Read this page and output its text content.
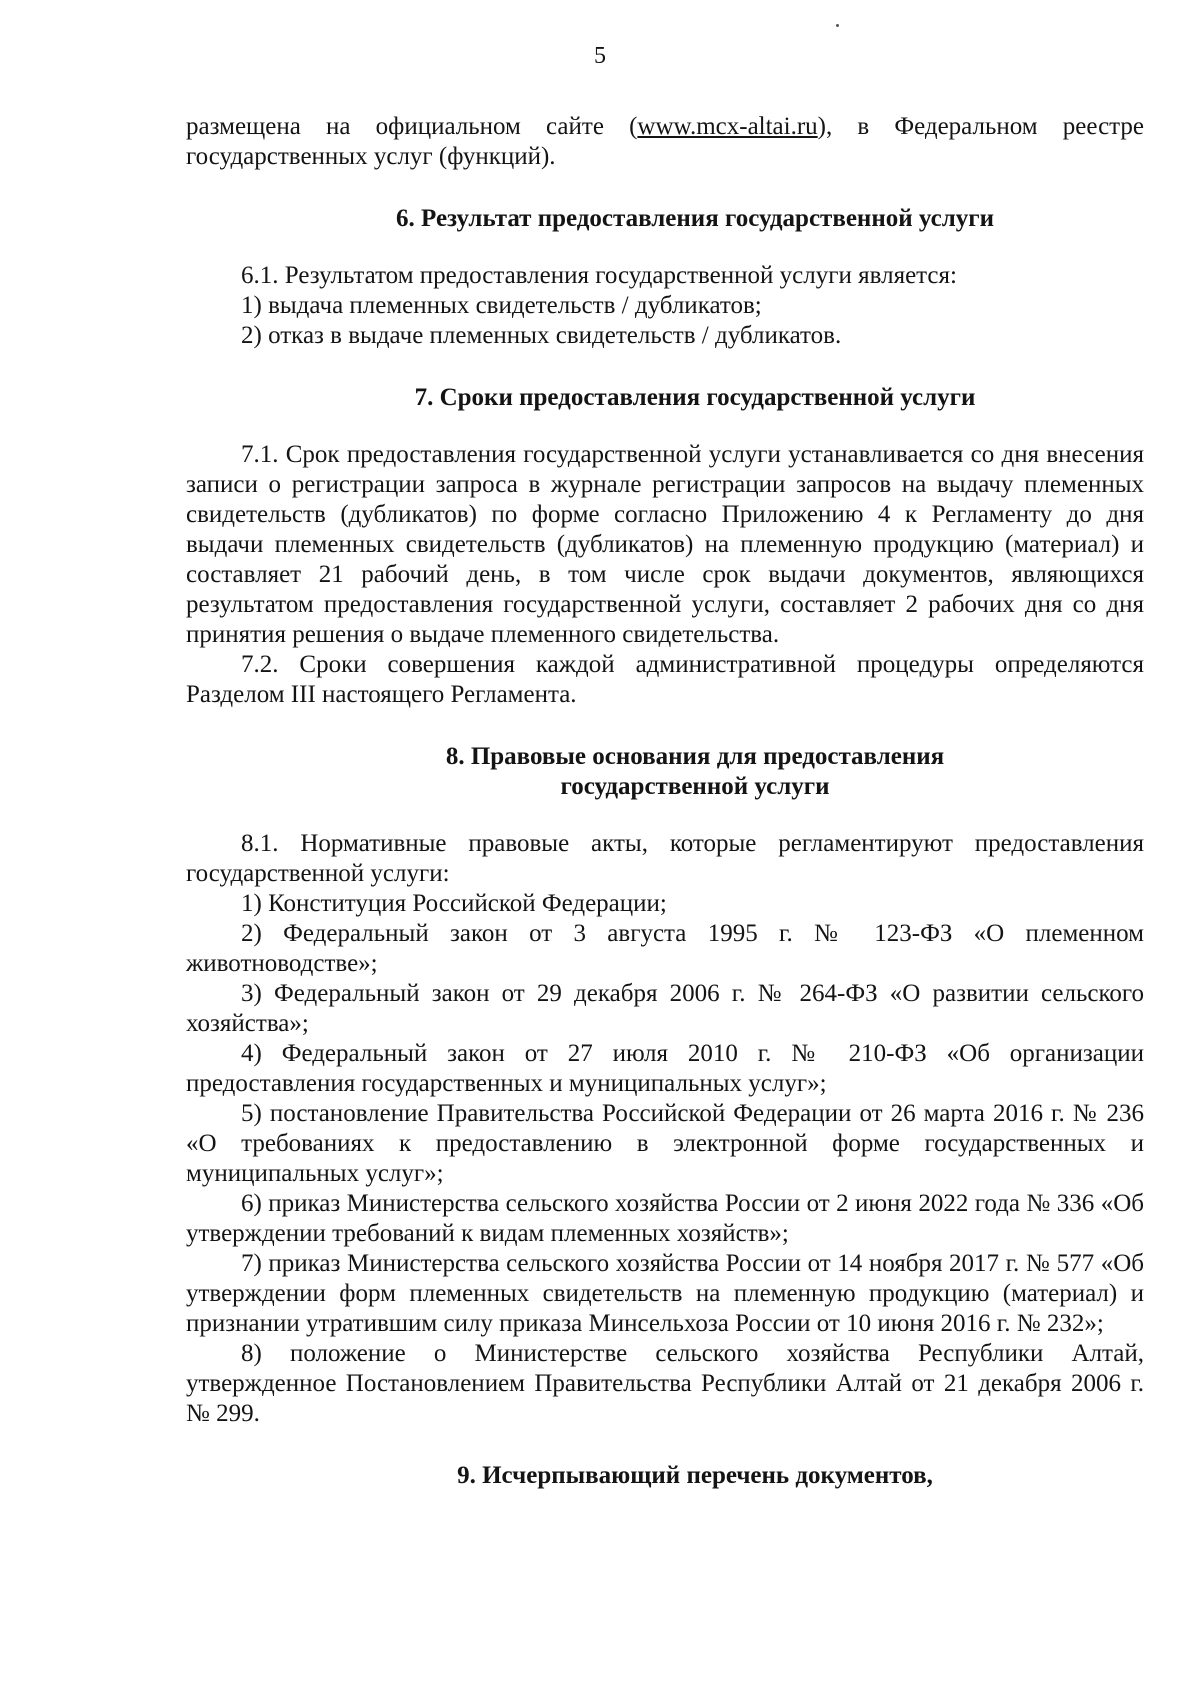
5

размещена на официальном сайте (www.mcx-altai.ru), в Федеральном реестре государственных услуг (функций).

6. Результат предоставления государственной услуги

6.1. Результатом предоставления государственной услуги является:

1) выдача племенных свидетельств / дубликатов;

2) отказ в выдаче племенных свидетельств / дубликатов.

7. Сроки предоставления государственной услуги

7.1. Срок предоставления государственной услуги устанавливается со дня внесения записи о регистрации запроса в журнале регистрации запросов на выдачу племенных свидетельств (дубликатов) по форме согласно Приложению 4 к Регламенту до дня выдачи племенных свидетельств (дубликатов) на племенную продукцию (материал) и составляет 21 рабочий день, в том числе срок выдачи документов, являющихся результатом предоставления государственной услуги, составляет 2 рабочих дня со дня принятия решения о выдаче племенного свидетельства.

7.2. Сроки совершения каждой административной процедуры определяются Разделом III настоящего Регламента.

8. Правовые основания для предоставления

государственной услуги

8.1. Нормативные правовые акты, которые регламентируют предоставления государственной услуги:

1) Конституция Российской Федерации;

2) Федеральный закон от 3 августа 1995 г. № 123-ФЗ «О племенном животноводстве»;

3) Федеральный закон от 29 декабря 2006 г. № 264-ФЗ «О развитии сельского хозяйства»;

4) Федеральный закон от 27 июля 2010 г. № 210-ФЗ «Об организации предоставления государственных и муниципальных услуг»;

5) постановление Правительства Российской Федерации от 26 марта 2016 г. № 236 «О требованиях к предоставлению в электронной форме государственных и муниципальных услуг»;

6) приказ Министерства сельского хозяйства России от 2 июня 2022 года № 336 «Об утверждении требований к видам племенных хозяйств»;

7) приказ Министерства сельского хозяйства России от 14 ноября 2017 г. № 577 «Об утверждении форм племенных свидетельств на племенную продукцию (материал) и признании утратившим силу приказа Минсельхоза России от 10 июня 2016 г. № 232»;

8) положение о Министерстве сельского хозяйства Республики Алтай, утвержденное Постановлением Правительства Республики Алтай от 21 декабря 2006 г. № 299.

9. Исчерпывающий перечень документов,
